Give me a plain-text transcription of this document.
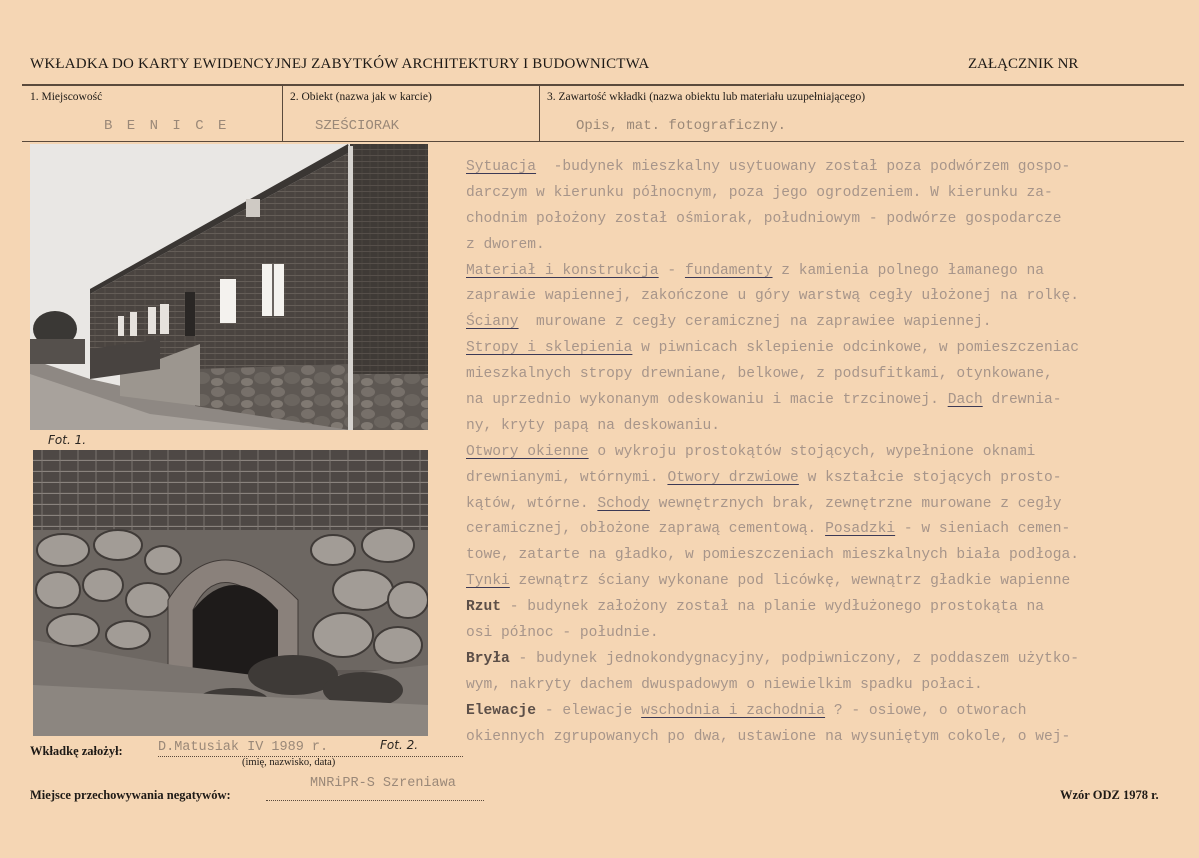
WKŁADKA DO KARTY EWIDENCYJNEJ ZABYTKÓW ARCHITEKTURY I BUDOWNICTWA	ZAŁĄCZNIK NR
1. Miejscowość
B E N I C E
2. Obiekt (nazwa jak w karcie)
SZEŚCIORAK
3. Zawartość wkładki (nazwa obiektu lub materiału uzupełniającego)
Opis, mat. fotograficzny.
Fot. 1.
Sytuacja  -budynek mieszkalny usytuowany został poza podwórzem gospo-
darczym w kierunku północnym, poza jego ogrodzeniem. W kierunku za-
chodnim położony został ośmiorak, południowym - podwórze gospodarcze
z dworem.
Materiał i konstrukcja - fundamenty z kamienia polnego łamanego na
zaprawie wapiennej, zakończone u góry warstwą cegły ułożonej na rolkę.
Ściany  murowane z cegły ceramicznej na zaprawiee wapiennej.
Stropy i sklepienia w piwnicach sklepienie odcinkowe, w pomieszczeniac
mieszkalnych stropy drewniane, belkowe, z podsufitkami, otynkowane,
na uprzednio wykonanym odeskowaniu i macie trzcinowej. Dach drewnia-
ny, kryty papą na deskowaniu.
Otwory okienne o wykroju prostokątów stojących, wypełnione oknami
drewnianymi, wtórnymi. Otwory drzwiowe w kształcie stojących prosto-
kątów, wtórne. Schody wewnętrznych brak, zewnętrzne murowane z cegły
ceramicznej, obłożone zaprawą cementową. Posadzki - w sieniach cemen-
towe, zatarte na gładko, w pomieszczeniach mieszkalnych biała podłoga.
Tynki zewnątrz ściany wykonane pod licówkę, wewnątrz gładkie wapienne
Rzut - budynek założony został na planie wydłużonego prostokąta na
osi północ - południe.
Bryła - budynek jednokondygnacyjny, podpiwniczony, z poddaszem użytko-
wym, nakryty dachem dwuspadowym o niewielkim spadku połaci.
Elewacje - elewacje wschodnia i zachodnia ? - osiowe, o otworach
okiennych zgrupowanych po dwa, ustawione na wysuniętym cokole, o wej-
Wkładkę założył:	D.Matusiak IV 1989 r.	Fot. 2.
(imię, nazwisko, data)
Miejsce przechowywania negatywów:
MNRiPR-S Szreniawa
Wzór ODZ 1978 r.
